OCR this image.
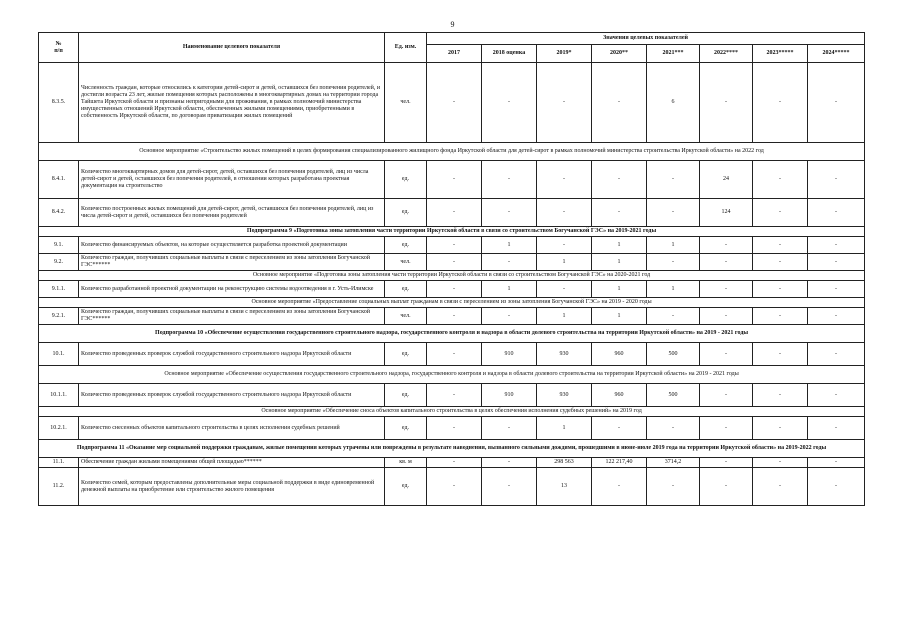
9
№
п/п	Наименование целевого показателя	Ед. изм.	Значения целевых показателей							
			2017	2018 оценка	2019*	2020**	2021***	2022****	2023*****	2024*****
8.3.5.	Численность граждан, которые относились к категории детей-сирот и детей, оставшихся без попечения родителей, и достигли возраста 23 лет, жилые помещения которых расположены в многоквартирных домах на территории города Тайшета Иркутской области и признаны непригодными для проживания, в рамках полномочий министерства имущественных отношений Иркутской области, обеспеченных жилыми помещениями, приобретенными в собственность Иркутской области, по договорам приватизации жилых помещений	чел.	-	-	-	-	6	-	-	-
Основное мероприятие «Строительство жилых помещений в целях формирования специализированного жилищного фонда Иркутской области для детей-сирот в рамках полномочий министерства строительства Иркутской области» на 2022 год										
8.4.1.	Количество многоквартирных домов для детей-сирот, детей, оставшихся без попечения родителей, лиц из числа детей-сирот и детей, оставшихся без попечения родителей, в отношении которых разработана проектная документация на строительство	ед.	-	-	-	-	-	24	-	-
8.4.2.	Количество построенных жилых помещений для детей-сирот, детей, оставшихся без попечения родителей, лиц из числа детей-сирот и детей, оставшихся без попечения родителей	ед.	-	-	-	-	-	124	-	-
Подпрограмма 9 «Подготовка зоны затопления части территории Иркутской области в связи со строительством Богучанской ГЭС» на 2019-2021 годы										
9.1.	Количество финансируемых объектов, на которые осуществляется разработка проектной документации	ед.	-	1	-	1	1	-	-	-
9.2.	Количество граждан, получивших социальные выплаты в связи с переселением из зоны затопления Богучанской ГЭС******	чел.	-	-	1	1	-	-	-	-
Основное мероприятие «Подготовка зоны затопления части территории Иркутской области в связи со строительством Богучанской ГЭС» на 2020-2021 год										
9.1.1.	Количество разработанной проектной документации на реконструкцию системы водоотведения в г. Усть-Илимске	ед.	-	1	-	1	1	-	-	-
Основное мероприятие «Предоставление социальных выплат гражданам в связи с переселением из зоны затопления Богучанской ГЭС» на 2019 - 2020 годы										
9.2.1.	Количество граждан, получивших социальные выплаты в связи с переселением из зоны затопления Богучанской ГЭС******	чел.	-	-	1	1	-	-	-	-
Подпрограмма 10 «Обеспечение осуществления государственного строительного надзора, государственного контроля и надзора в области долевого строительства на территории Иркутской области» на 2019 - 2021 годы										
10.1.	Количество проведенных проверок службой государственного строительного надзора Иркутской области	ед.	-	910	930	960	500	-	-	-
Основное мероприятие «Обеспечение осуществления государственного строительного надзора, государственного контроля и надзора в области долевого строительства на территории Иркутской области» на 2019 - 2021 годы										
10.1.1.	Количество проведенных проверок службой государственного строительного надзора Иркутской области	ед.	-	910	930	960	500	-	-	-
Основное мероприятие «Обеспечение сноса объектов капитального строительства в целях обеспечения исполнения судебных решений» на 2019 год										
10.2.1.	Количество снесенных объектов капитального строительства в целях исполнения судебных решений	ед.	-	-	1	-	-	-	-	-
Подпрограмма 11 «Оказание мер социальной поддержки гражданам, жилые помещения которых утрачены или повреждены в результате наводнения, вызванного сильными дождями, прошедшими в июне-июле 2019 года на территории Иркутской области» на 2019-2022 годы										
11.1.	Обеспечение граждан жилыми помещениями общей площадью******	кв. м	-	-	298 563	122 217,40	3714,2	-	-	-
11.2.	Количество семей, которым предоставлены дополнительные меры социальной поддержки в виде единовременной денежной выплаты на приобретение или строительство жилого помещения	ед.	-	-	13	-	-	-	-	-
